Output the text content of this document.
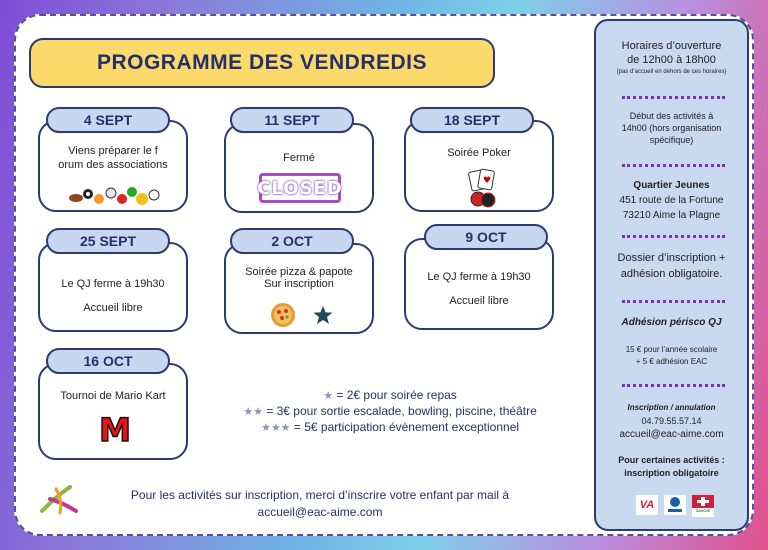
PROGRAMME DES VENDREDIS
Viens préparer le f
orum des associations
4 SEPT
Fermé
CLOSED
11 SEPT
Soirée Poker
♥
18 SEPT
Le QJ ferme à 19h30
Accueil libre
25 SEPT
Soirée pizza & papote
Sur inscription
2 OCT
Le QJ ferme à 19h30
Accueil libre
9 OCT
Tournoi de Mario Kart
M
16 OCT
★ = 2€ pour soirée repas
★★ = 3€ pour sortie escalade, bowling, piscine, théâtre
★★★ = 5€ participation évènement exceptionnel
Pour les activités sur inscription, merci d’inscrire votre enfant par mail à
accueil@eac-aime.com
Horaires d’ouverture
de 12h00 à 18h00
(pas d’accueil en dehors de ces horaires)
Début des activités à
14h00 (hors organisation
spécifique)
Quartier Jeunes
451 route de la Fortune
73210 Aime la Plagne
Dossier d’inscription +
adhésion obligatoire.
Adhésion périsco QJ
15 € pour l’année scolaire
+ 5 € adhésion EAC
Inscription / annulation
04.79.55.57.14
accueil@eac-aime.com
Pour certaines activités :
inscription obligatoire
VA	SAVOIE
